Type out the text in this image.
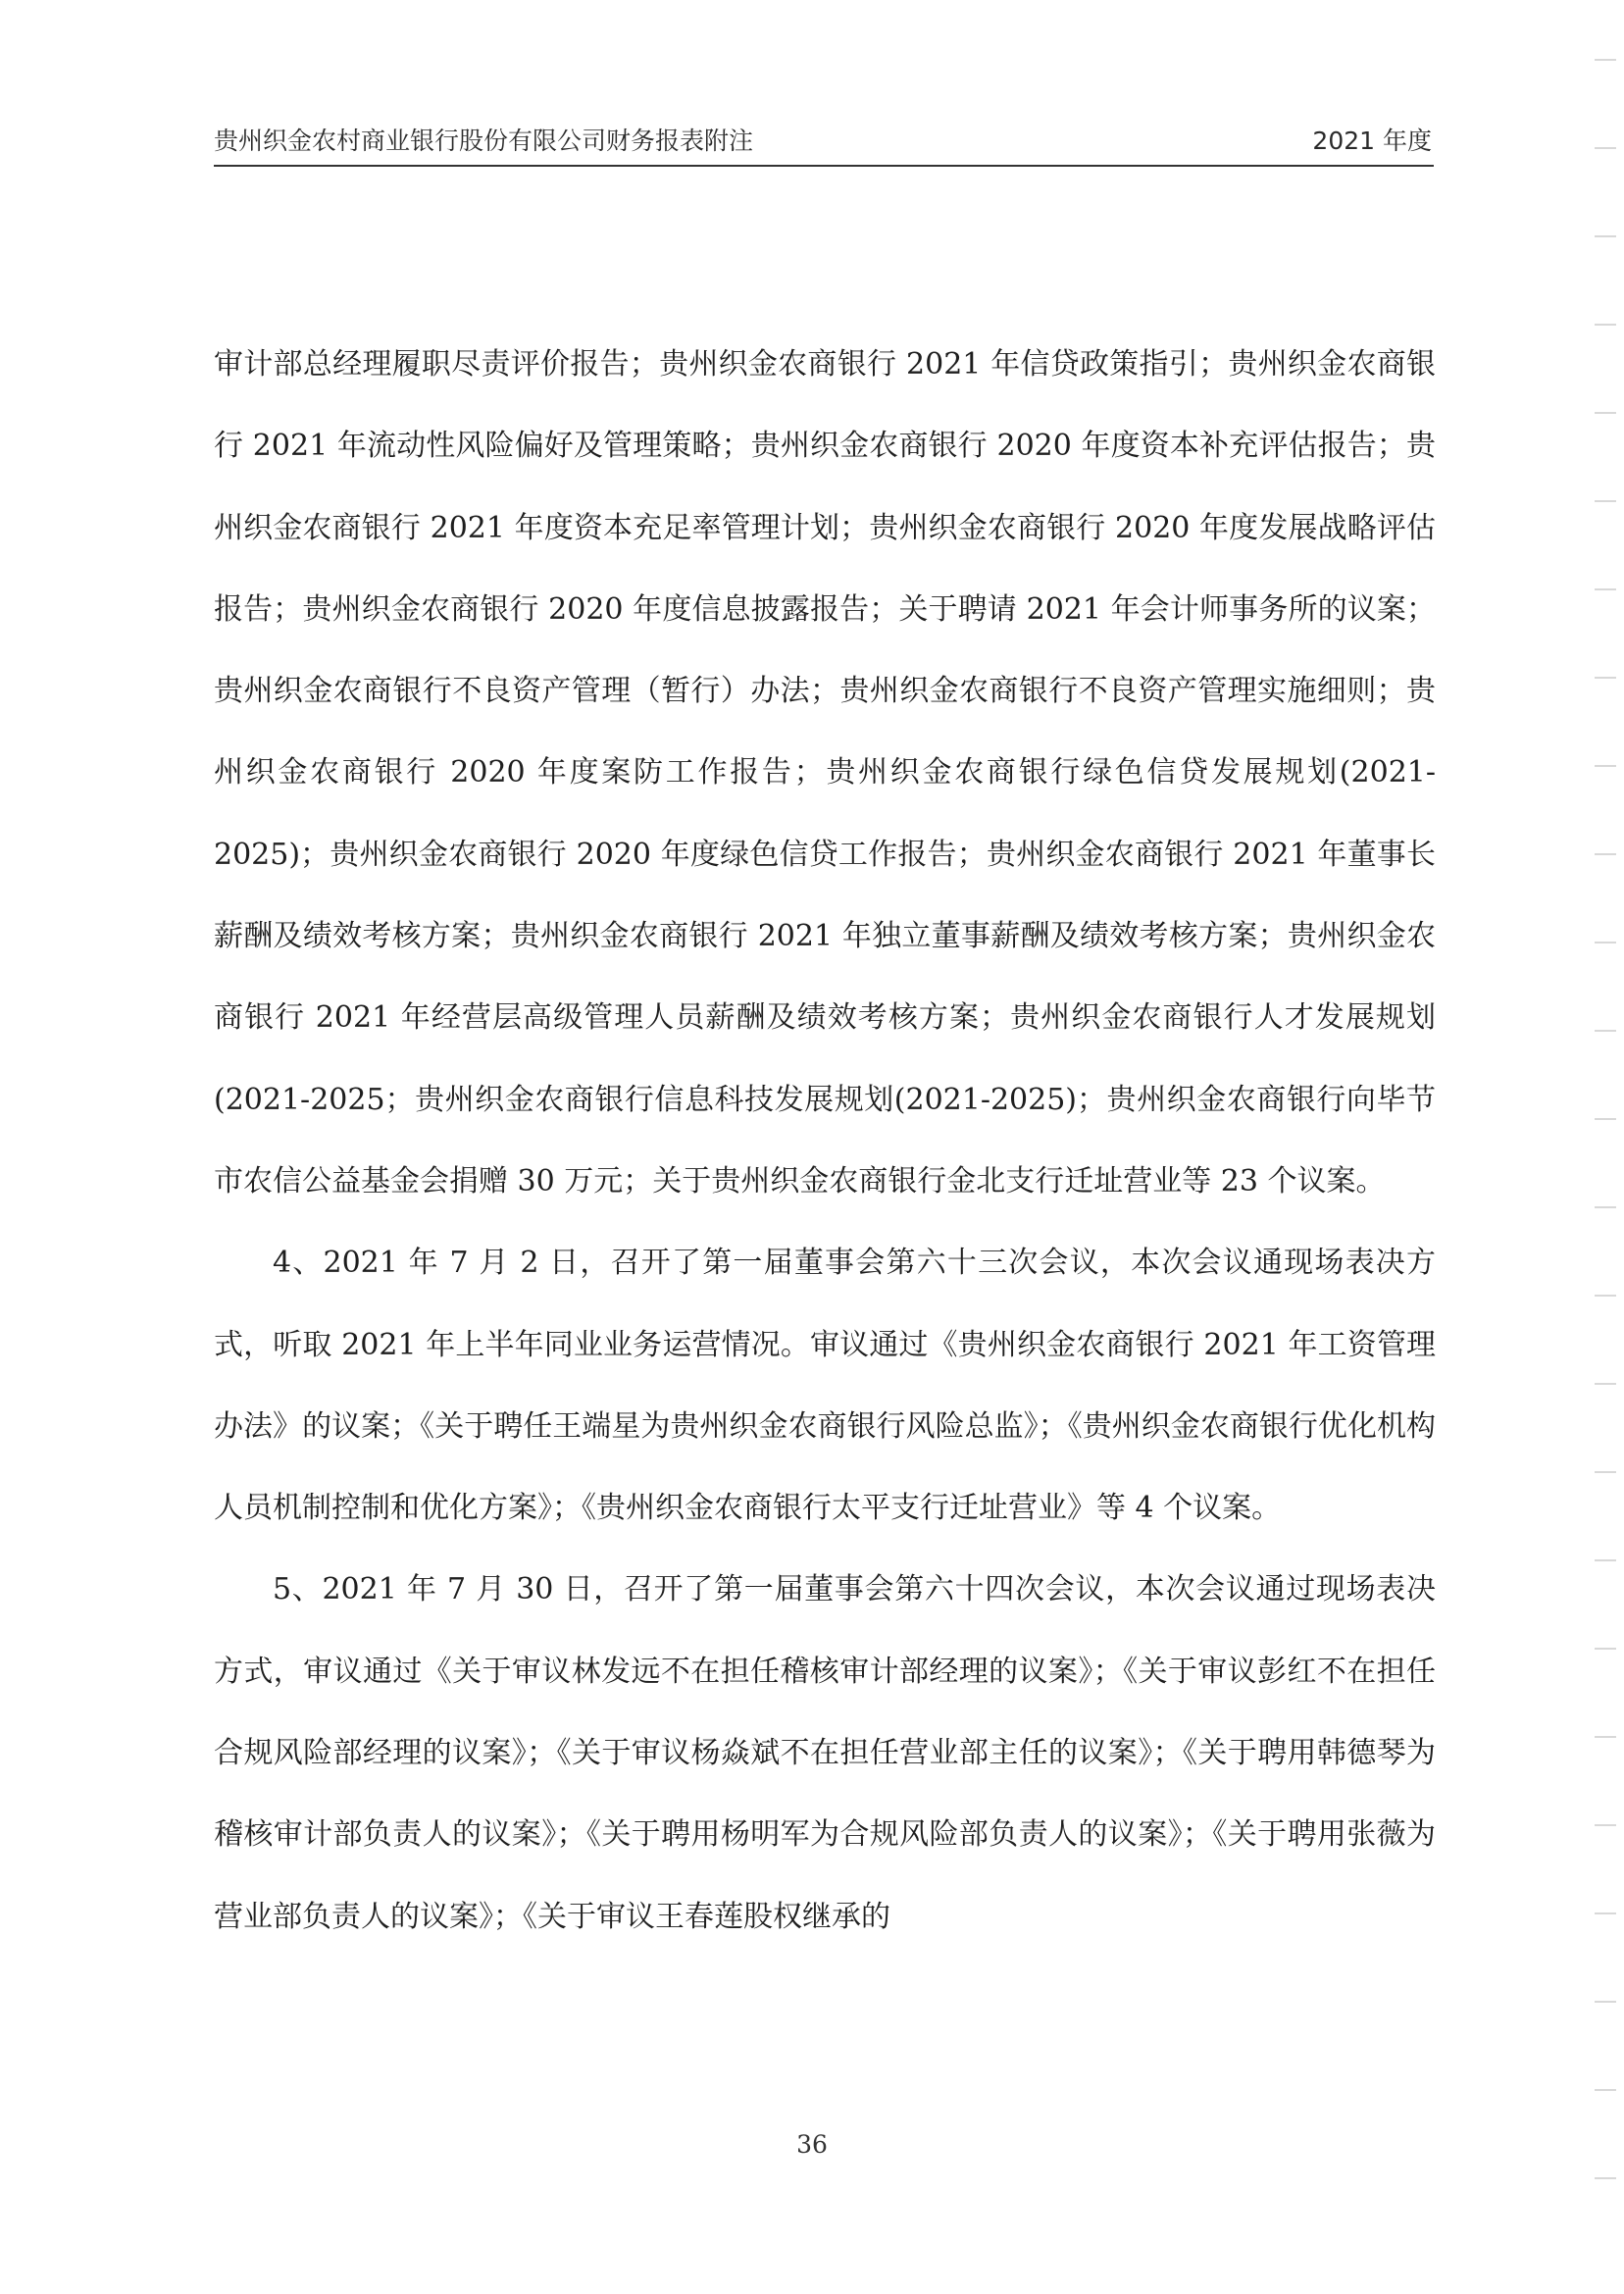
贵州织金农村商业银行股份有限公司财务报表附注	2021 年度

审计部总经理履职尽责评价报告；贵州织金农商银行 2021 年信贷政策指引；贵州织金农商银行 2021 年流动性风险偏好及管理策略；贵州织金农商银行 2020 年度资本补充评估报告；贵州织金农商银行 2021 年度资本充足率管理计划；贵州织金农商银行 2020 年度发展战略评估报告；贵州织金农商银行 2020 年度信息披露报告；关于聘请 2021 年会计师事务所的议案；贵州织金农商银行不良资产管理（暂行）办法；贵州织金农商银行不良资产管理实施细则；贵州织金农商银行 2020 年度案防工作报告；贵州织金农商银行绿色信贷发展规划(2021-2025)；贵州织金农商银行 2020 年度绿色信贷工作报告；贵州织金农商银行 2021 年董事长薪酬及绩效考核方案；贵州织金农商银行 2021 年独立董事薪酬及绩效考核方案；贵州织金农商银行 2021 年经营层高级管理人员薪酬及绩效考核方案；贵州织金农商银行人才发展规划(2021-2025；贵州织金农商银行信息科技发展规划(2021-2025)；贵州织金农商银行向毕节市农信公益基金会捐赠 30 万元；关于贵州织金农商银行金北支行迁址营业等 23 个议案。

4、2021 年 7 月 2 日，召开了第一届董事会第六十三次会议，本次会议通现场表决方式，听取 2021 年上半年同业业务运营情况。审议通过《贵州织金农商银行 2021 年工资管理办法》的议案；《关于聘任王端星为贵州织金农商银行风险总监》；《贵州织金农商银行优化机构人员机制控制和优化方案》；《贵州织金农商银行太平支行迁址营业》等 4 个议案。

5、2021 年 7 月 30 日，召开了第一届董事会第六十四次会议，本次会议通过现场表决方式，审议通过《关于审议林发远不在担任稽核审计部经理的议案》；《关于审议彭红不在担任合规风险部经理的议案》；《关于审议杨焱斌不在担任营业部主任的议案》；《关于聘用韩德琴为稽核审计部负责人的议案》；《关于聘用杨明军为合规风险部负责人的议案》；《关于聘用张薇为营业部负责人的议案》；《关于审议王春莲股权继承的

36
